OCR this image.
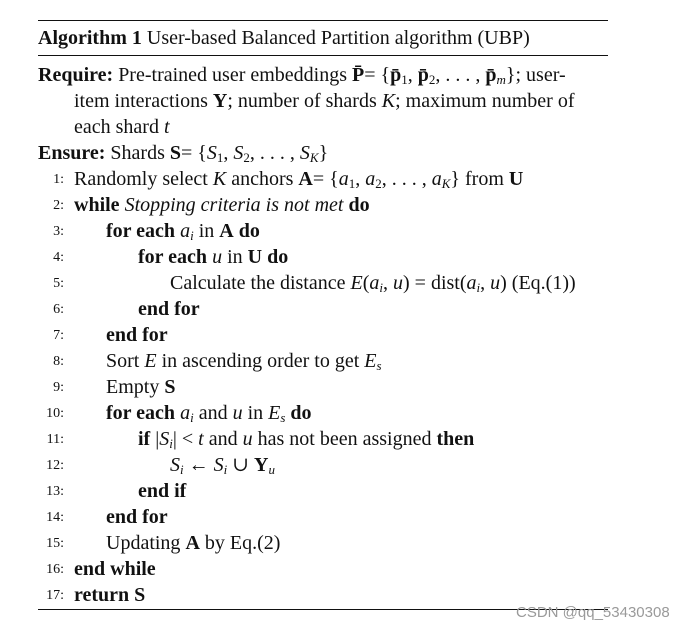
Algorithm 1 User-based Balanced Partition algorithm (UBP)
Require: Pre-trained user embeddings P̄= {$p̄_1$, $p̄_2$, . . . , $p̄_m$}; user-
item interactions Y; number of shards K; maximum number of
each shard t
Ensure: Shards $S= \{S_1$, $S_2$, . . . , $S_K$}
1: Randomly select K anchors $A= \{a_1$, $a_2$, . . . , $a_K$} from U
2: while Stopping criteria is not met do
3: for each $a_i$ in A do
4:	for each u in U do
5:	Calculate the distance $E(a_i$, $u) = dist(a_i$, u) (Eq.(1))
6:	end for
7: end for
8: Sort E in ascending order to get $E_s$
9: Empty S
10: for each $a_i$ and u in $E_s$ do
11:	if $|S_i| < t$ and u has not been assigned then
12:	$S_i$ ← $S_i$ ∪ $Y_u$
13:	end if
14: end for
15: Updating A by Eq.(2)
16: end while
17: return S
CSDN @qq_53430308
